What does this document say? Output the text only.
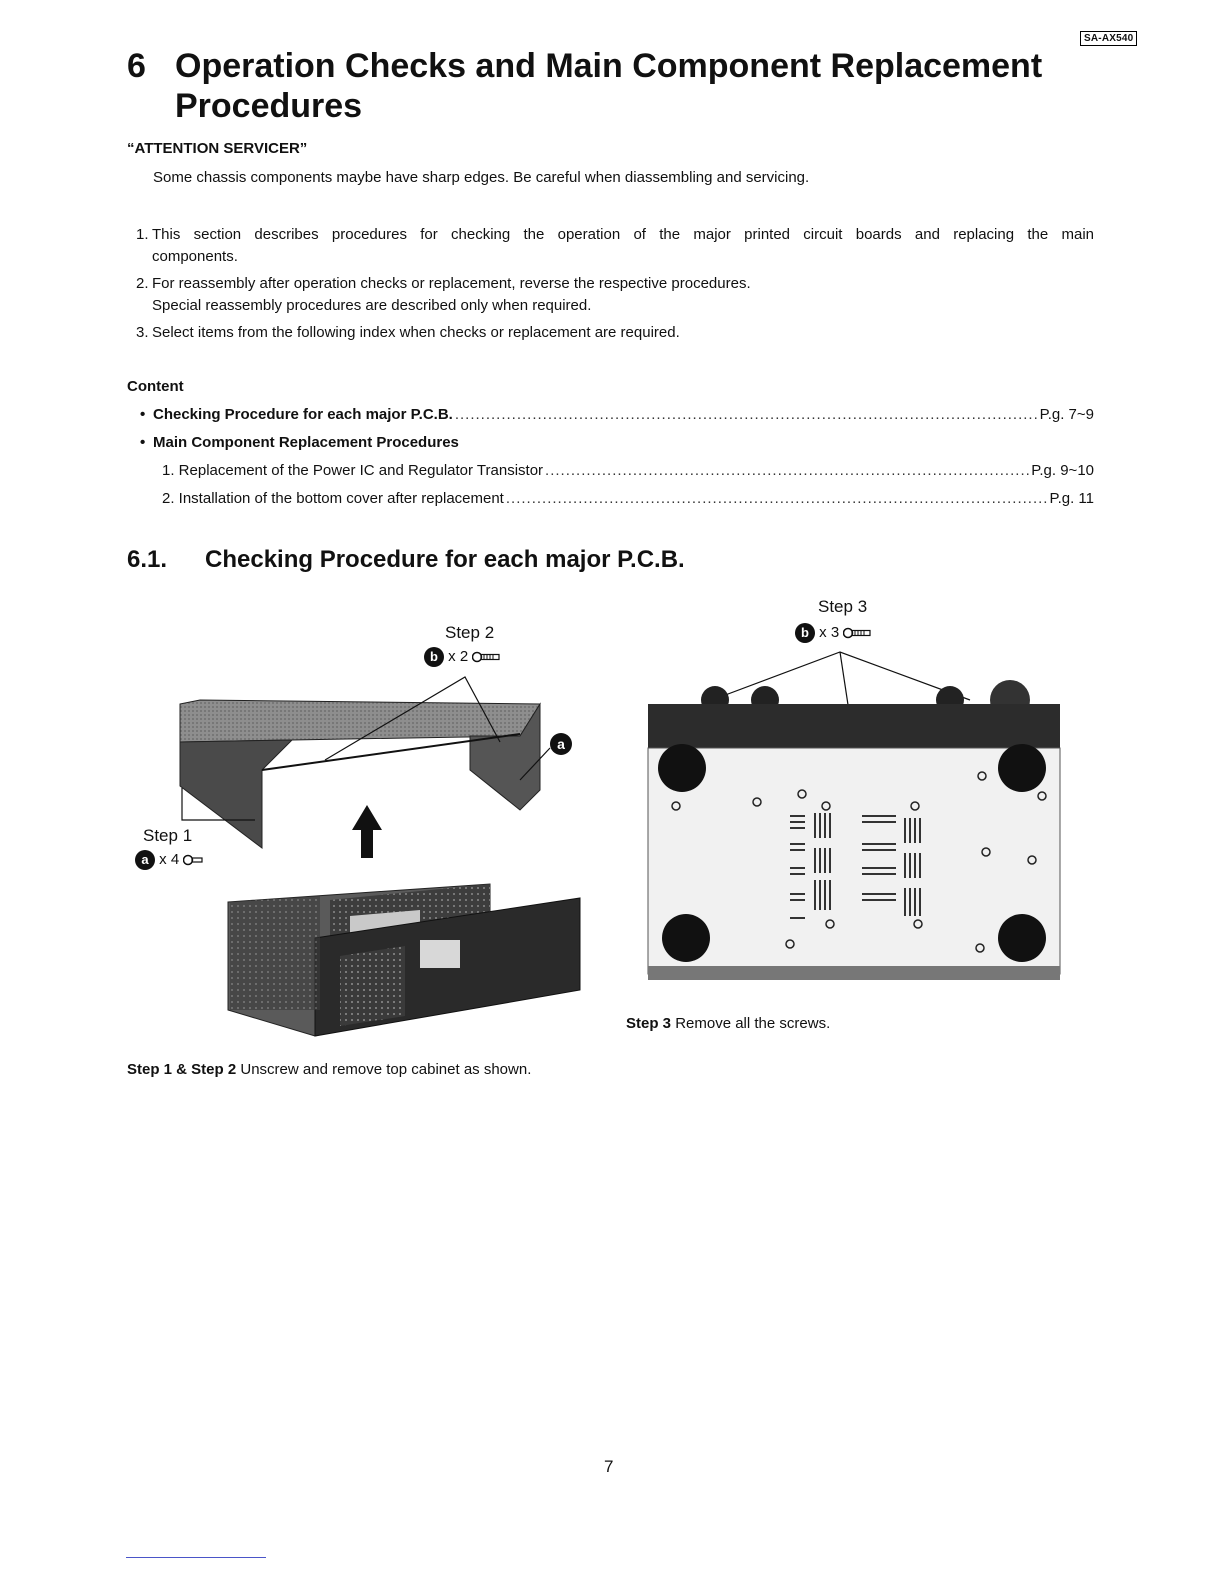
SA-AX540
6 Operation Checks and Main Component Replacement Procedures
“ATTENTION SERVICER”
Some chassis components maybe have sharp edges. Be careful when diassembling and servicing.
1. This section describes procedures for checking the operation of the major printed circuit boards and replacing the main
components.
2. For reassembly after operation checks or replacement, reverse the respective procedures.
Special reassembly procedures are described only when required.
3. Select items from the following index when checks or replacement are required.
Content
• Checking Procedure for each major P.C.B. .....	P.g. 7~9
• Main Component Replacement Procedures
1. Replacement of the Power IC and Regulator Transistor .....	P.g. 9~10
2. Installation of the bottom cover after replacement .....	P.g. 11
6.1. Checking Procedure for each major P.C.B.
Step 2
b x 2
a
Step 1
a x 4
Step 1 & Step 2 Unscrew and remove top cabinet as shown.
Step 3
b x 3
Step 3 Remove all the screws.
7
